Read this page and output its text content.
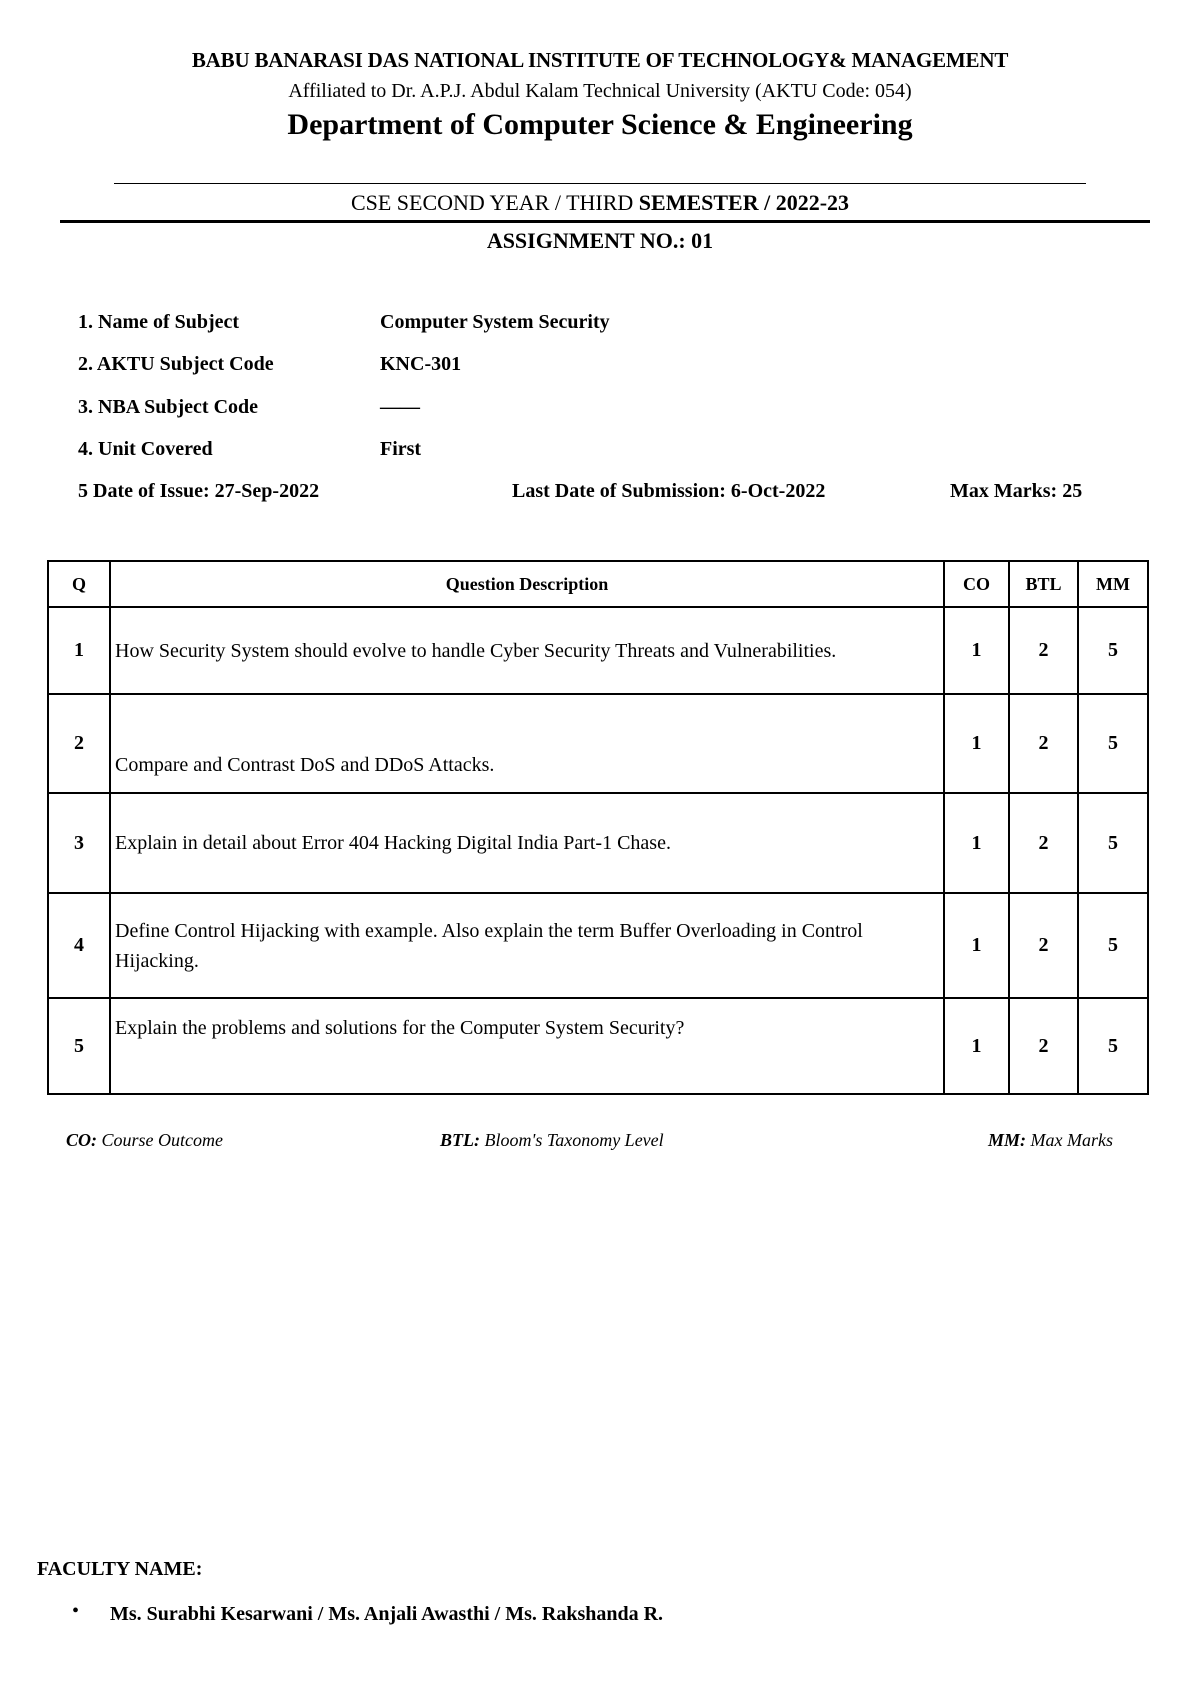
BABU BANARASI DAS NATIONAL INSTITUTE OF TECHNOLOGY& MANAGEMENT
Affiliated to Dr. A.P.J. Abdul Kalam Technical University (AKTU Code: 054)
Department of Computer Science & Engineering
CSE SECOND YEAR / THIRD SEMESTER / 2022-23
ASSIGNMENT NO.: 01
1. Name of Subject	Computer System Security
2. AKTU Subject Code	KNC-301
3. NBA Subject Code	——
4. Unit Covered	First
5 Date of Issue: 27-Sep-2022	Last Date of Submission: 6-Oct-2022	Max Marks: 25
Q	Question Description	CO	BTL	MM
1	How Security System should evolve to handle Cyber Security Threats and Vulnerabilities.	1	2	5
2	Compare and Contrast DoS and DDoS Attacks.	1	2	5
3	Explain in detail about Error 404 Hacking Digital India Part-1 Chase.	1	2	5
4	Define Control Hijacking with example. Also explain the term Buffer Overloading in Control Hijacking.	1	2	5
5	Explain the problems and solutions for the Computer System Security?	1	2	5
CO: Course Outcome	BTL: Bloom's Taxonomy Level	MM: Max Marks
FACULTY NAME:
• Ms. Surabhi Kesarwani / Ms. Anjali Awasthi / Ms. Rakshanda R.
